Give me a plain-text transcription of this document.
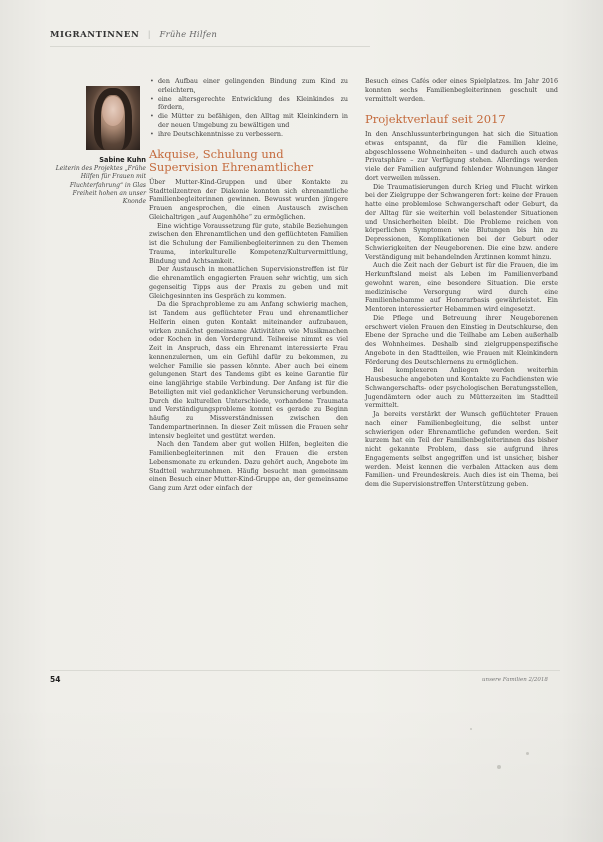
MIGRANTINNEN | Frühe Hilfen
Sabine Kuhn
Leiterin des Projektes „Frühe Hilfen für Frauen mit Fluchterfahrung“ in Glas Freiheit hohen an unser Knonde
• den Aufbau einer gelingenden Bindung zum Kind zu erleichtern,
• eine altersgerechte Entwicklung des Kleinkindes zu fördern,
• die Mütter zu befähigen, den Alltag mit Kleinkindern in der neuen Umgebung zu bewältigen und
• ihre Deutschkenntnisse zu verbessern.
Akquise, Schulung und Supervision Ehrenamtlicher

Über Mutter-Kind-Gruppen und über Kontakte zu Stadtteilzentren der Diakonie konnten sich ehrenamtliche Familienbegleiterinnen gewinnen. Bewusst wurden jüngere Frauen angesprochen, die einen Austausch zwischen Gleichaltrigen „auf Augenhöhe“ zu ermöglichen.

Eine wichtige Voraussetzung für gute, stabile Beziehungen zwischen den Ehrenamtlichen und den geflüchteten Familien ist die Schulung der Familienbegleiterinnen zu den Themen Trauma, interkulturelle Kompetenz/Kulturvermittlung, Bindung und Achtsamkeit.

Der Austausch in monatlichen Supervisionstreffen ist für die ehrenamtlich engagierten Frauen sehr wichtig, um sich gegenseitig Tipps aus der Praxis zu geben und mit Gleichgesinnten ins Gespräch zu kommen.

Da die Sprachprobleme zu am Anfang schwierig machen, ist Tandem aus geflüchteter Frau und ehrenamtlicher Helferin einen guten Kontakt miteinander aufzubauen, wirken zunächst gemeinsame Aktivitäten wie Musikmachen oder Kochen in den Vordergrund. Teilweise nimmt es viel Zeit in Anspruch, dass ein Ehrenamt interessierte Frau kennenzulernen, um ein Gefühl dafür zu bekommen, zu welcher Familie sie passen könnte. Aber auch bei einem gelungenen Start des Tandems gibt es keine Garantie für eine langjährige stabile Verbindung. Der Anfang ist für die Beteiligten mit viel gedanklicher Verunsicherung verbunden. Durch die kulturellen Unterschiede, vorhandene Traumata und Verständigungsprobleme kommt es gerade zu Beginn häufig zu Missverständnissen zwischen den Tandempartnerinnen. In dieser Zeit müssen die Frauen sehr intensiv begleitet und gestützt werden.

Nach den Tandem aber gut wollen Hilfen, begleiten die Familienbegleiterinnen mit den Frauen die ersten Lebensmonate zu erkunden. Dazu gehört auch, Angebote im Stadtteil wahrzunehmen. Häufig besucht man gemeinsam einen Besuch einer Mutter-Kind-Gruppe an, der gemeinsame Gang zum Arzt oder einfach der

Besuch eines Cafés oder eines Spielplatzes. Im Jahr 2016 konnten sechs Familienbegleiterinnen geschult und vermittelt werden.

Projektverlauf seit 2017

In den Anschlussunterbringungen hat sich die Situation etwas entspannt, da für die Familien kleine, abgeschlossene Wohneinheiten – und dadurch auch etwas Privatsphäre – zur Verfügung stehen. Allerdings werden viele der Familien aufgrund fehlender Wohnungen länger dort verweilen müssen.

Die Traumatisierungen durch Krieg und Flucht wirken bei der Zielgruppe der Schwangeren fort: keine der Frauen hatte eine problemlose Schwangerschaft oder Geburt, da der Alltag für sie weiterhin voll belastender Situationen und Unsicherheiten bleibt. Die Probleme reichen von körperlichen Symptomen wie Blutungen bis hin zu Depressionen, Komplikationen bei der Geburt oder Schwierigkeiten der Neugeborenen. Die eine bzw. andere Verständigung mit behandelnden Ärztinnen kommt hinzu.

Auch die Zeit nach der Geburt ist für die Frauen, die im Herkunftsland meist als Leben im Familienverband gewohnt waren, eine besondere Situation. Die erste medizinische Versorgung wird durch eine Familienhebamme auf Honorarbasis gewährleistet. Ein Mentoren interessierter Hebammen wird eingesetzt.

Die Pflege und Betreuung ihrer Neugeborenen erschwert vielen Frauen den Einstieg in Deutschkurse, den Ebene der Sprache und die Teilhabe am Leben außerhalb des Wohnheimes. Deshalb sind zielgruppenspezifische Angebote in den Stadtteilen, wie Frauen mit Kleinkindern Förderung des Deutschlernens zu ermöglichen.

Bei komplexeren Anliegen werden weiterhin Hausbesuche angeboten und Kontakte zu Fachdiensten wie Schwangerschafts- oder psychologischen Beratungsstellen, Jugendämtern oder auch zu Mütterzeiten im Stadtteil vermittelt.

Ja bereits verstärkt der Wunsch geflüchteter Frauen nach einer Familienbegleitung, die selbst unter schwierigen oder Ehrenamtliche gefunden werden. Seit kurzem hat ein Teil der Familienbegleiterinnen das bisher nicht gekannte Problem, dass sie aufgrund ihres Engagements selbst angegriffen und ist unsicher, bisher werden. Meist kennen die verbalen Attacken aus dem Familien- und Freundeskreis. Auch dies ist ein Thema, bei dem die Supervisionstreffen Unterstützung geben.

54	unsere Familien 2/2018
